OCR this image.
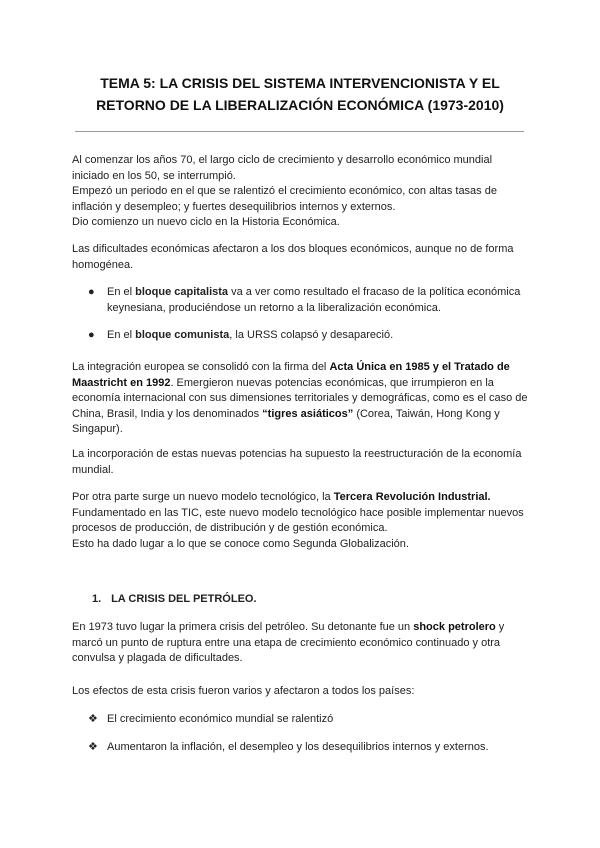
TEMA 5: LA CRISIS DEL SISTEMA INTERVENCIONISTA Y EL
RETORNO DE LA LIBERALIZACIÓN ECONÓMICA (1973-2010)
Al comenzar los años 70, el largo ciclo de crecimiento y desarrollo económico mundial iniciado en los 50, se interrumpió.
Empezó un periodo en el que se ralentizó el crecimiento económico, con altas tasas de inflación y desempleo; y fuertes desequilibrios internos y externos.
Dio comienzo un nuevo ciclo en la Historia Económica.
Las dificultades económicas afectaron a los dos bloques económicos, aunque no de forma homogénea.
●	En el bloque capitalista va a ver como resultado el fracaso de la política económica keynesiana, produciéndose un retorno a la liberalización económica.
●	En el bloque comunista, la URSS colapsó y desapareció.
La integración europea se consolidó con la firma del Acta Única en 1985 y el Tratado de Maastricht en 1992. Emergieron nuevas potencias económicas, que irrumpieron en la economía internacional con sus dimensiones territoriales y demográficas, como es el caso de China, Brasil, India y los denominados “tigres asiáticos” (Corea, Taiwán, Hong Kong y Singapur).
La incorporación de estas nuevas potencias ha supuesto la reestructuración de la economía mundial.
Por otra parte surge un nuevo modelo tecnológico, la Tercera Revolución Industrial.
Fundamentado en las TIC, este nuevo modelo tecnológico hace posible implementar nuevos procesos de producción, de distribución y de gestión económica.
Esto ha dado lugar a lo que se conoce como Segunda Globalización.
1. LA CRISIS DEL PETRÓLEO.
En 1973 tuvo lugar la primera crisis del petróleo. Su detonante fue un shock petrolero y marcó un punto de ruptura entre una etapa de crecimiento económico continuado y otra convulsa y plagada de dificultades.
Los efectos de esta crisis fueron varios y afectaron a todos los países:
❖ El crecimiento económico mundial se ralentizó
❖ Aumentaron la inflación, el desempleo y los desequilibrios internos y externos.
